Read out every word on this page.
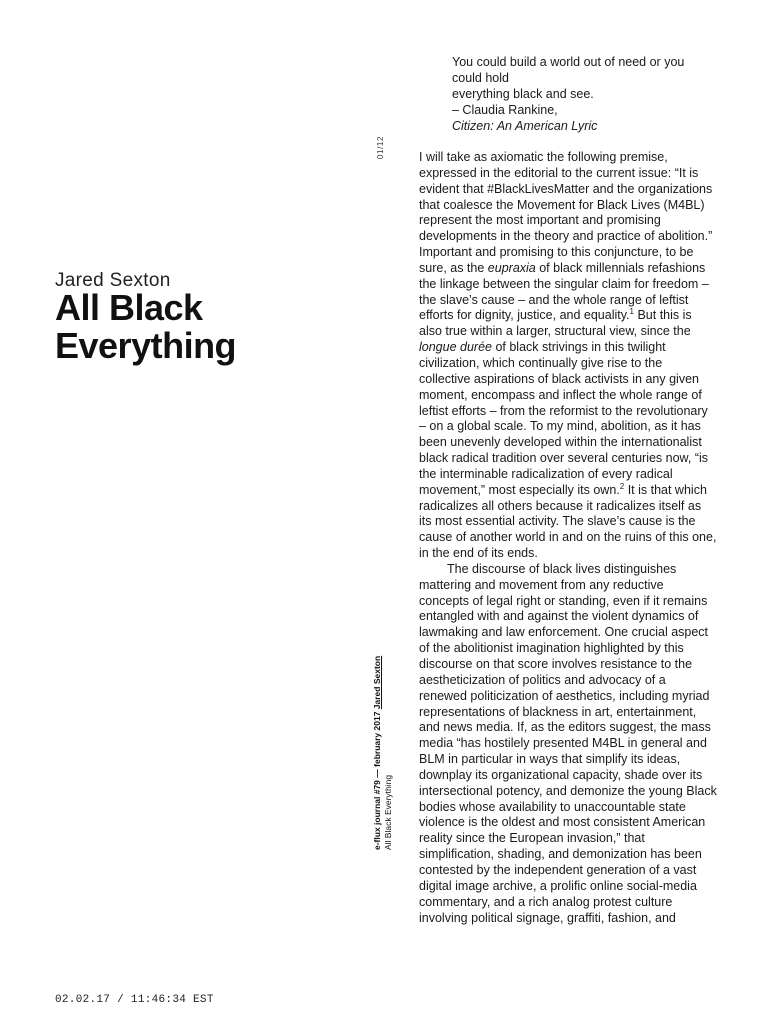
Jared Sexton
All Black
Everything
01/12
e-flux journal #79 — february 2017 Jared Sexton
All Black Everything
You could build a world out of need or you could hold
everything black and see.
– Claudia Rankine,
Citizen: An American Lyric

I will take as axiomatic the following premise, expressed in the editorial to the current issue: “It is evident that #BlackLivesMatter and the organizations that coalesce the Movement for Black Lives (M4BL) represent the most important and promising developments in the theory and practice of abolition.” Important and promising to this conjuncture, to be sure, as the eupraxia of black millennials refashions the linkage between the singular claim for freedom – the slave’s cause – and the whole range of leftist efforts for dignity, justice, and equality.$^1$ But this is also true within a larger, structural view, since the longue durée of black strivings in this twilight civilization, which continually give rise to the collective aspirations of black activists in any given moment, encompass and inflect the whole range of leftist efforts – from the reformist to the revolutionary – on a global scale. To my mind, abolition, as it has been unevenly developed within the internationalist black radical tradition over several centuries now, “is the interminable radicalization of every radical movement,” most especially its own.$^2$ It is that which radicalizes all others because it radicalizes itself as its most essential activity. The slave’s cause is the cause of another world in and on the ruins of this one, in the end of its ends.

The discourse of black lives distinguishes mattering and movement from any reductive concepts of legal right or standing, even if it remains entangled with and against the violent dynamics of lawmaking and law enforcement. One crucial aspect of the abolitionist imagination highlighted by this discourse on that score involves resistance to the aestheticization of politics and advocacy of a renewed politicization of aesthetics, including myriad representations of blackness in art, entertainment, and news media. If, as the editors suggest, the mass media “has hostilely presented M4BL in general and BLM in particular in ways that simplify its ideas, downplay its organizational capacity, shade over its intersectional potency, and demonize the young Black bodies whose availability to unaccountable state violence is the oldest and most consistent American reality since the European invasion,” that simplification, shading, and demonization has been contested by the independent generation of a vast digital image archive, a prolific online social-media commentary, and a rich analog protest culture involving political signage, graffiti, fashion, and

02.02.17 / 11:46:34 EST
